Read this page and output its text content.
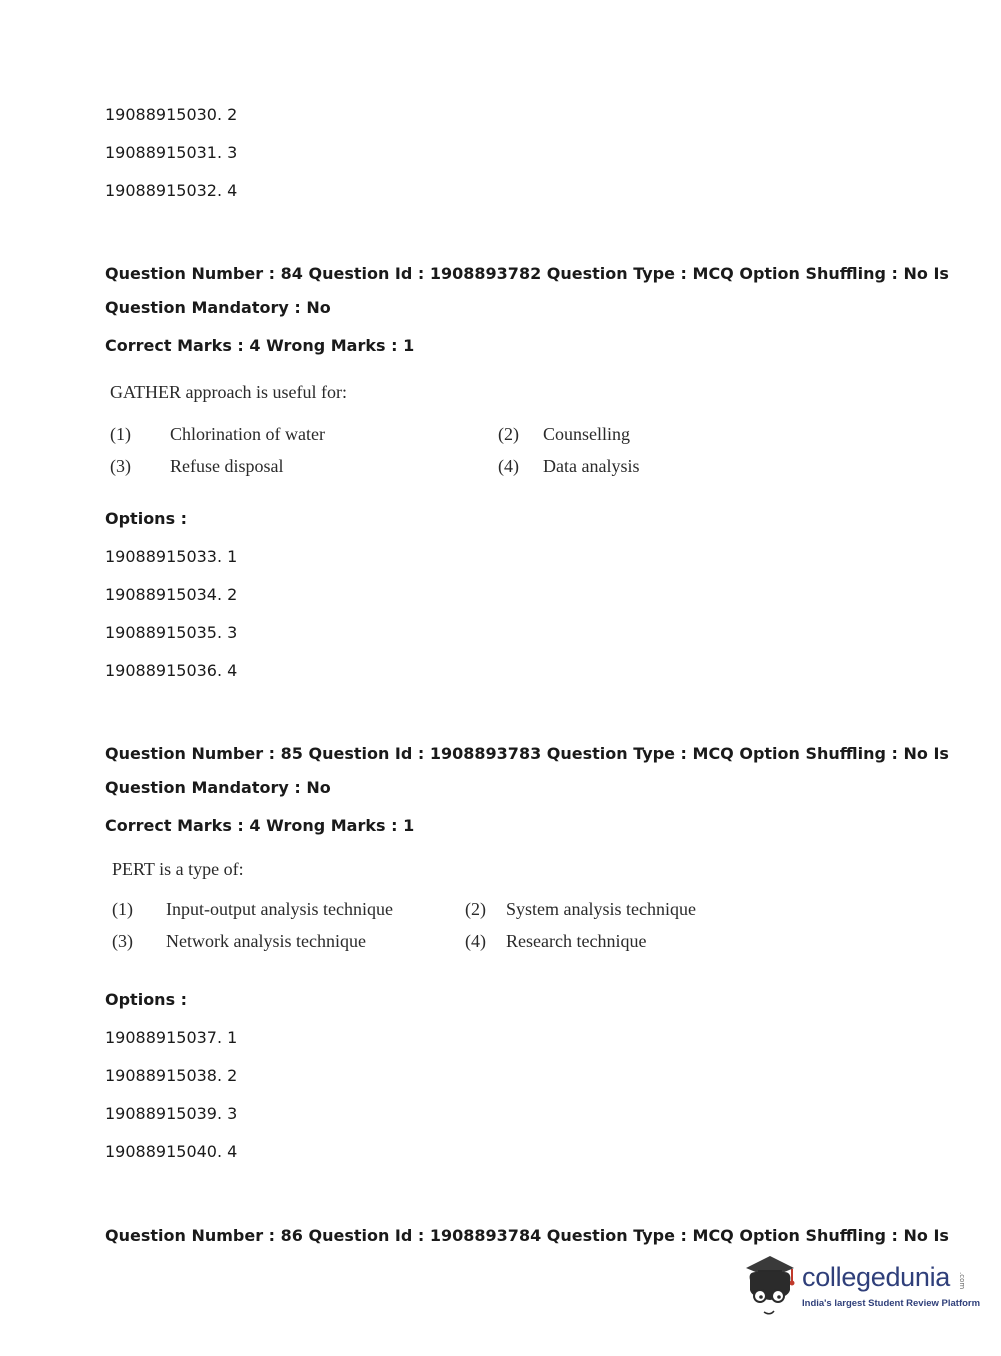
19088915030. 2
19088915031. 3
19088915032. 4
Question Number : 84 Question Id : 1908893782 Question Type : MCQ Option Shuffling : No Is
Question Mandatory : No
Correct Marks : 4 Wrong Marks : 1
GATHER approach is useful for:
(1) Chlorination of water	(2) Counselling
(3) Refuse disposal	(4) Data analysis
Options :
19088915033. 1
19088915034. 2
19088915035. 3
19088915036. 4
Question Number : 85 Question Id : 1908893783 Question Type : MCQ Option Shuffling : No Is
Question Mandatory : No
Correct Marks : 4 Wrong Marks : 1
PERT is a type of:
(1) Input-output analysis technique	(2) System analysis technique
(3) Network analysis technique	(4) Research technique
Options :
19088915037. 1
19088915038. 2
19088915039. 3
19088915040. 4
Question Number : 86 Question Id : 1908893784 Question Type : MCQ Option Shuffling : No Is
collegedunia .com
India's largest Student Review Platform
